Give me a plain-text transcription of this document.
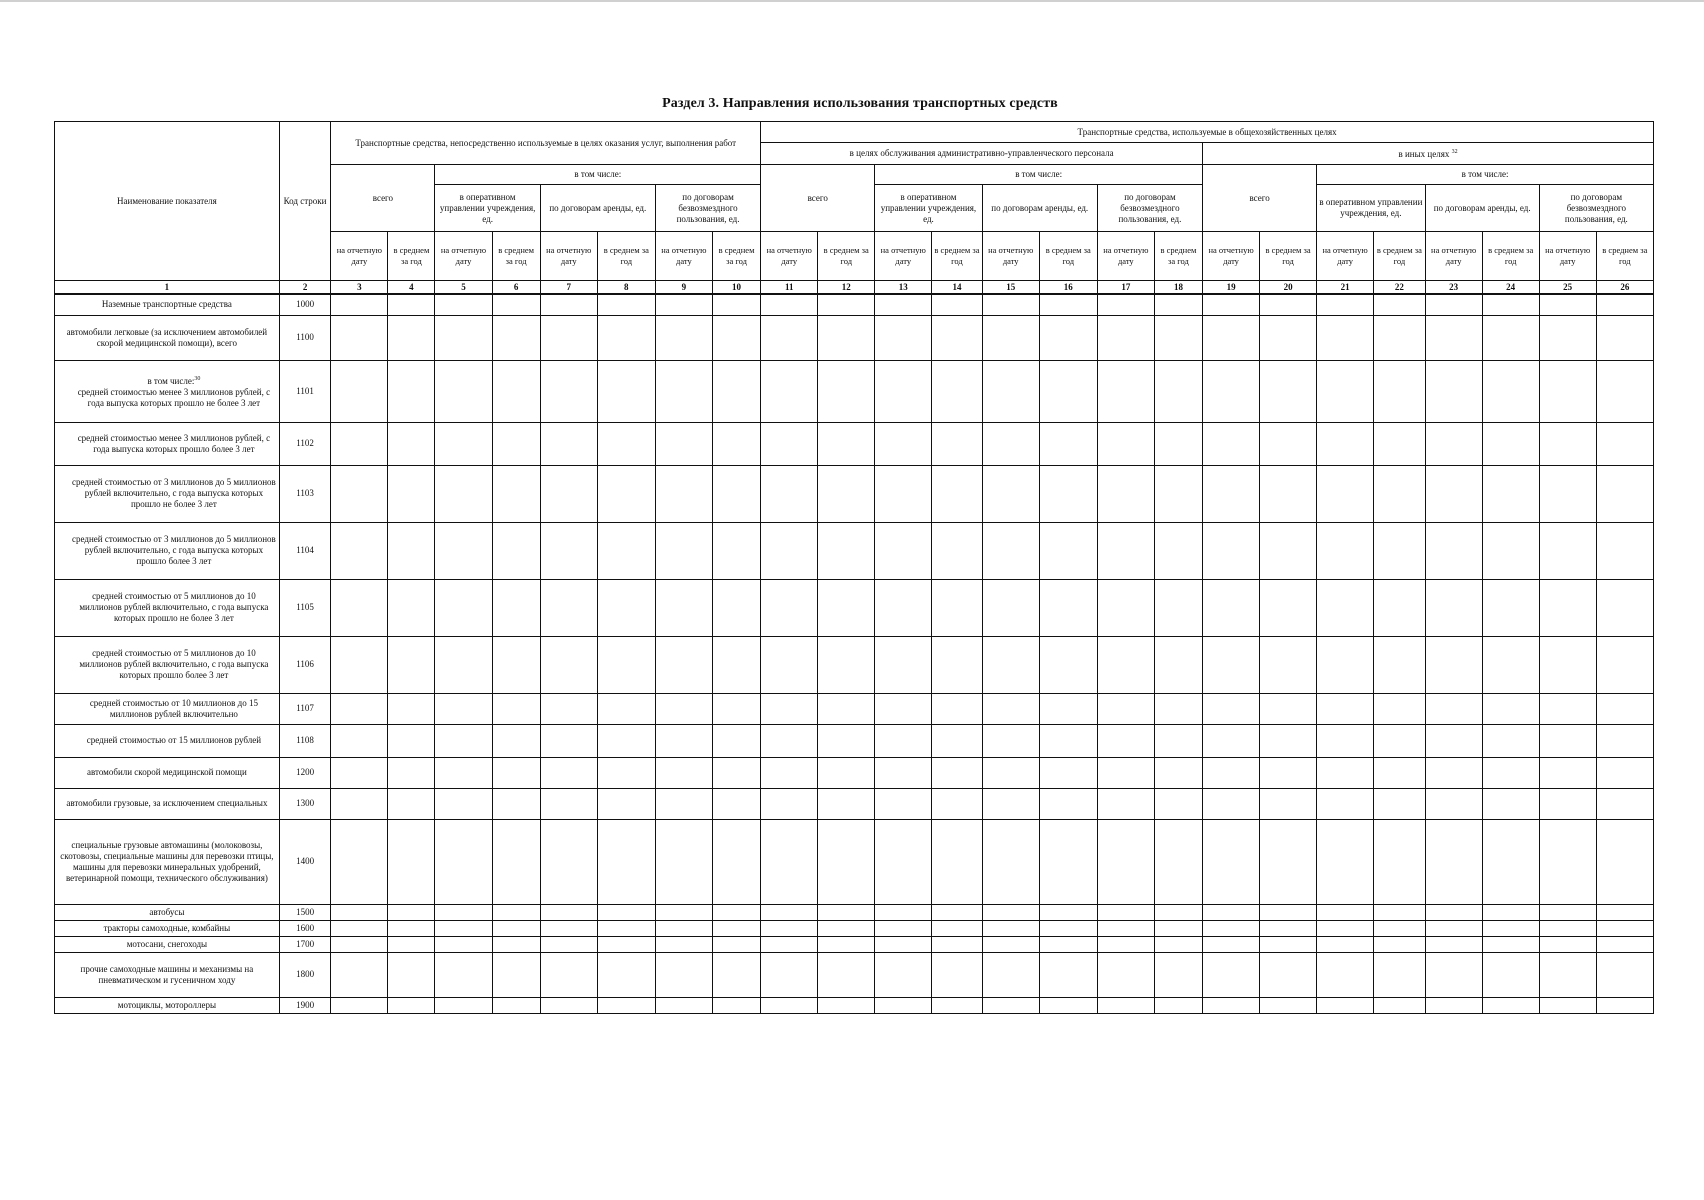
Раздел 3. Направления использования транспортных средств
Наименование показателя	Код строки	Транспортные средства, непосредственно используемые в целях оказания услуг, выполнения работ								Транспортные средства, используемые в общехозяйственных целях															
										в целях обслуживания административно-управленческого персонала								в иных целях $^{32}$
		всего		в том числе:						всего		в том числе:						всего		в том числе:					
				в оперативном управлении учреждения, ед.		по договорам аренды, ед.		по договорам безвозмездного пользования, ед.				в оперативном управлении учреждения, ед.		по договорам аренды, ед.		по договорам безвозмездного пользования, ед.				в оперативном управлении учреждения, ед.		по договорам аренды, ед.		по договорам безвозмездного пользования, ед.	
		на отчетную дату	в среднем за год	на отчетную дату	в среднем за год	на отчетную дату	в среднем за год	на отчетную дату	в среднем за год	на отчетную дату	в среднем за год	на отчетную дату	в среднем за год	на отчетную дату	в среднем за год	на отчетную дату	в среднем за год	на отчетную дату	в среднем за год	на отчетную дату	в среднем за год	на отчетную дату	в среднем за год	на отчетную дату	в среднем за год
1	2	3	4	5	6	7	8	9	10	11	12	13	14	15	16	17	18	19	20	21	22	23	24	25	26
Наземные транспортные средства	1000																								
автомобили легковые (за исключением автомобилей скорой медицинской помощи), всего	1100																								
в том числе:$^{30}$
средней стоимостью менее 3 миллионов рублей, с года выпуска которых прошло не более 3 лет	1101																								
средней стоимостью менее 3 миллионов рублей, с года выпуска которых прошло более 3 лет	1102																								
средней стоимостью от 3 миллионов до 5 миллионов рублей включительно, с года выпуска которых прошло не более 3 лет	1103																								
средней стоимостью от 3 миллионов до 5 миллионов рублей включительно, с года выпуска которых прошло более 3 лет	1104																								
средней стоимостью от 5 миллионов до 10 миллионов рублей включительно, с года выпуска которых прошло не более 3 лет	1105																								
средней стоимостью от 5 миллионов до 10 миллионов рублей включительно, с года выпуска которых прошло более 3 лет	1106																								
средней стоимостью от 10 миллионов до 15 миллионов рублей включительно	1107																								
средней стоимостью от 15 миллионов рублей	1108																								
автомобили скорой медицинской помощи	1200																								
автомобили грузовые, за исключением специальных	1300																								
специальные грузовые автомашины (молоковозы, скотовозы, специальные машины для перевозки птицы, машины для перевозки минеральных удобрений, ветеринарной помощи, технического обслуживания)	1400																								
автобусы	1500																								
тракторы самоходные, комбайны	1600																								
мотосани, снегоходы	1700																								
прочие самоходные машины и механизмы на пневматическом и гусеничном ходу	1800																								
мотоциклы, мотороллеры	1900																								
